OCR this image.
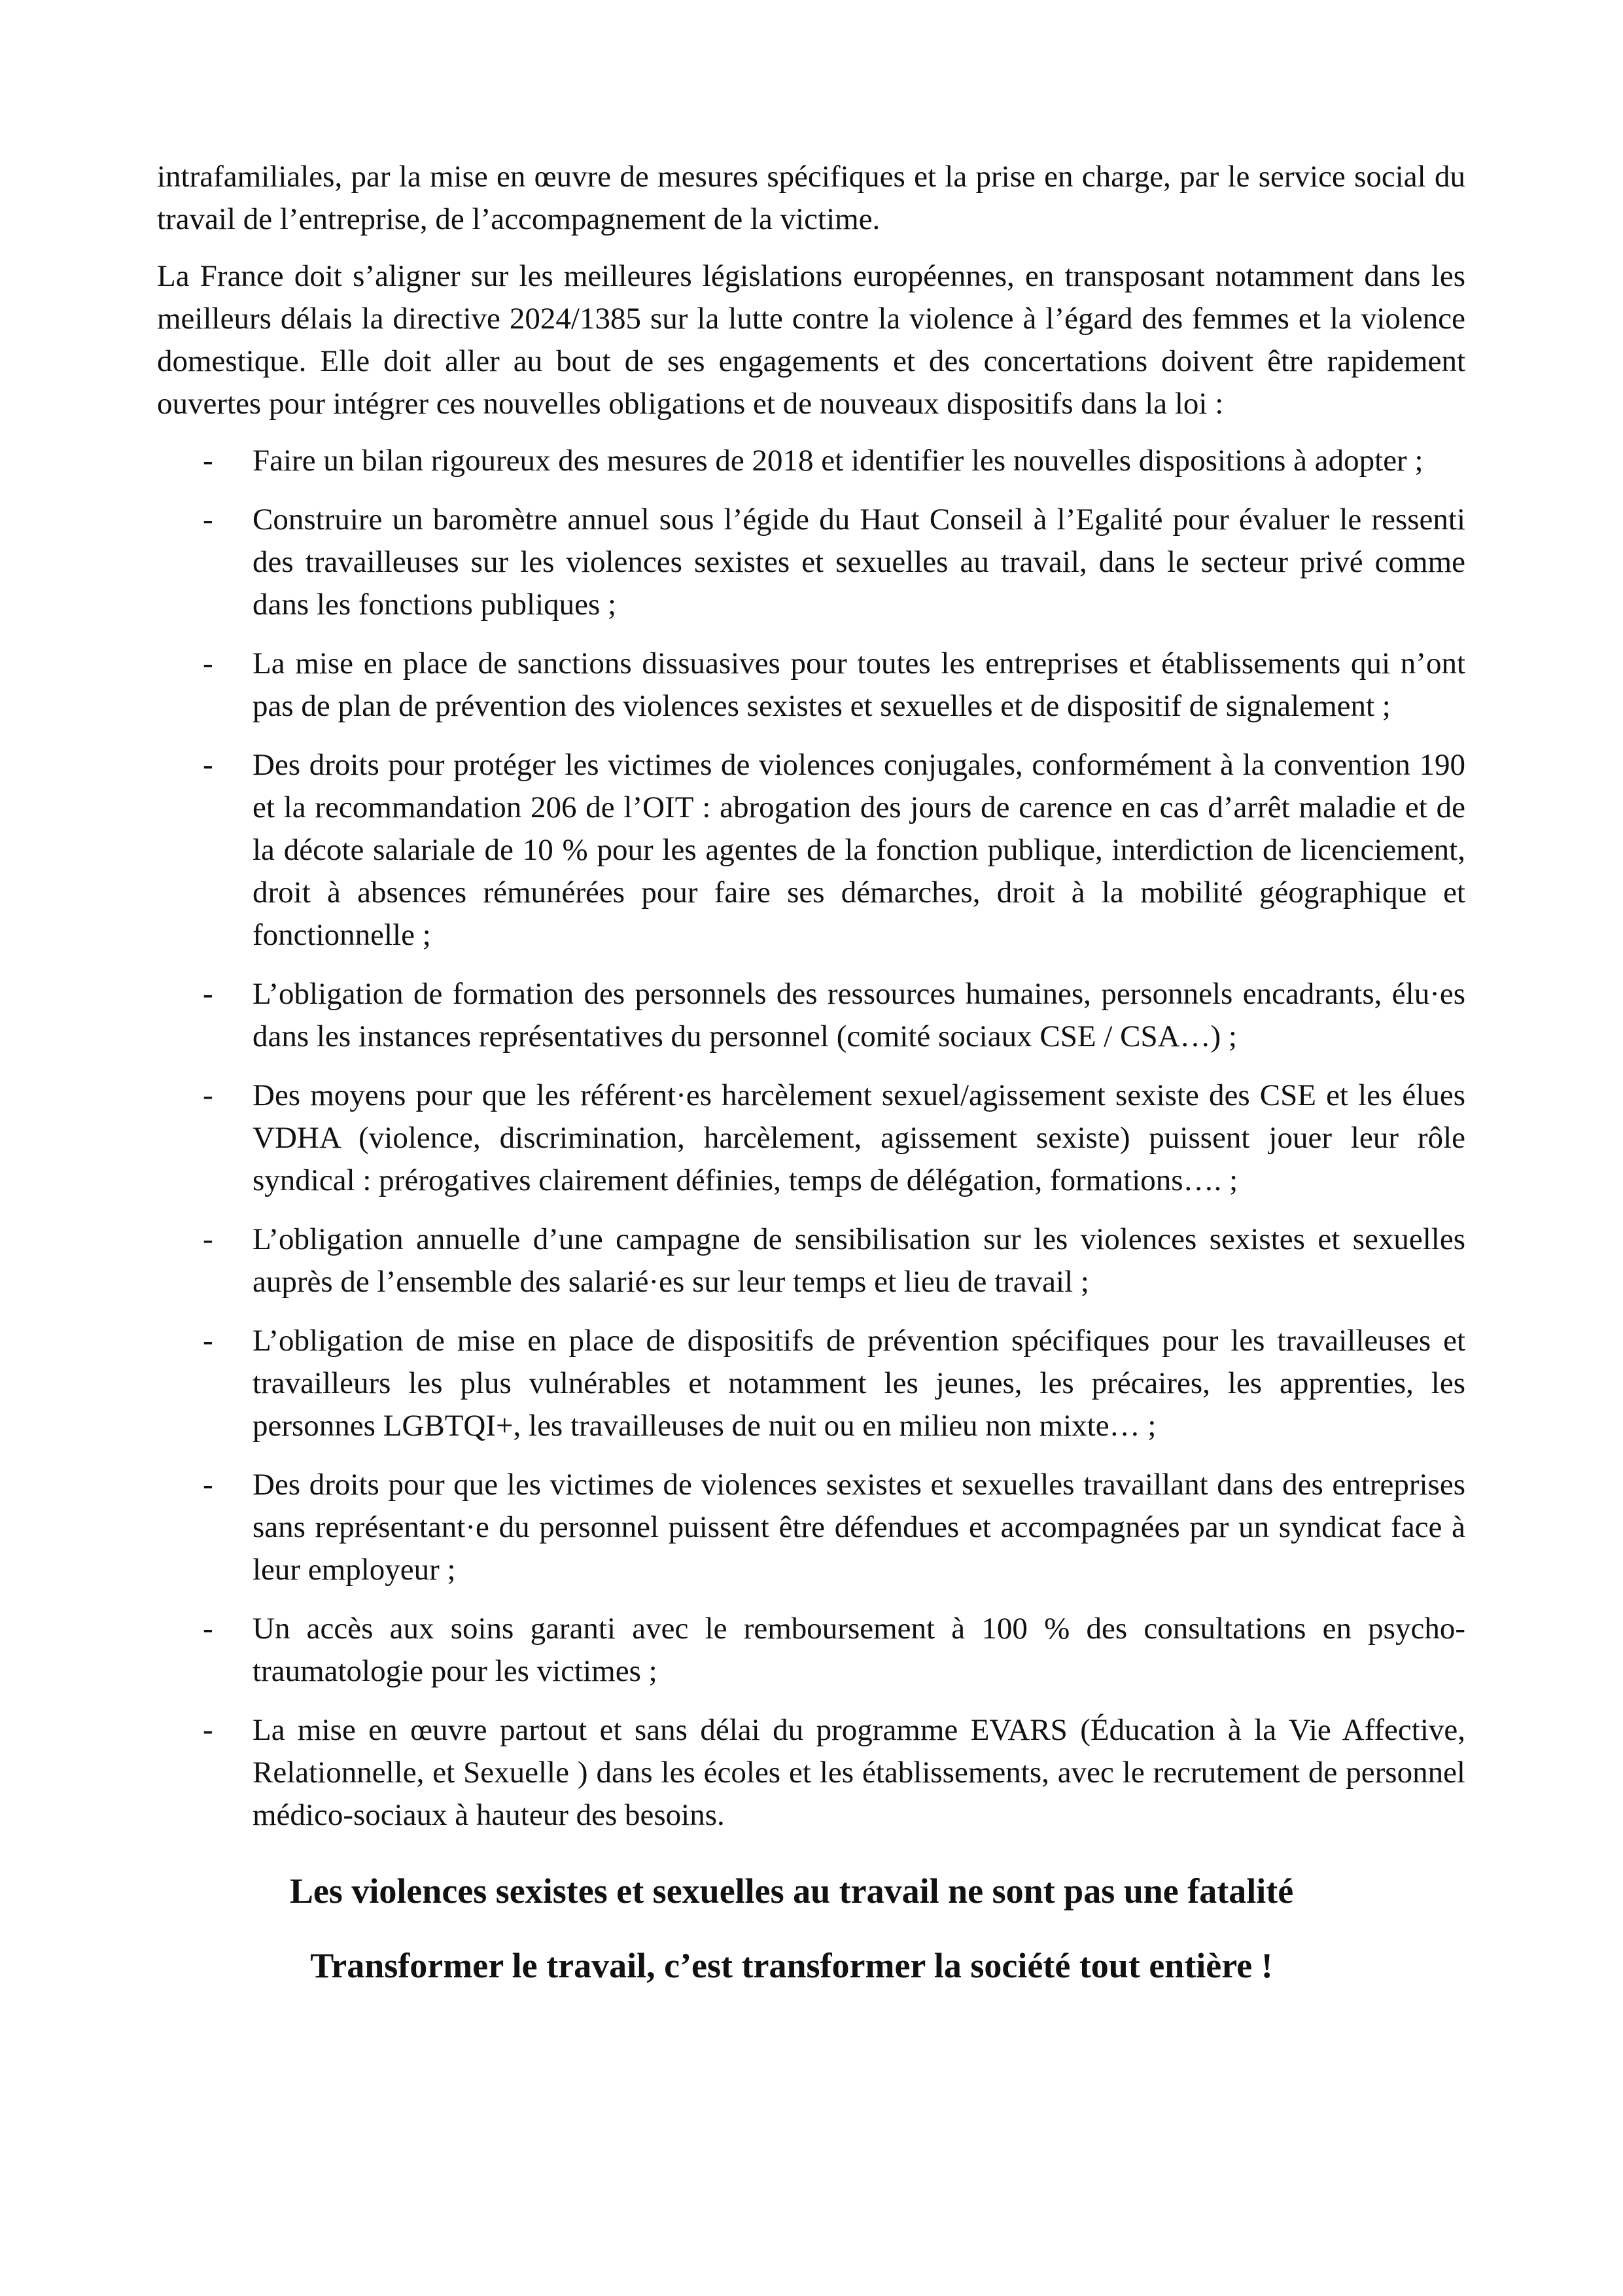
intrafamiliales, par la mise en œuvre de mesures spécifiques et la prise en charge, par le service social du travail de l’entreprise, de l’accompagnement de la victime.

La France doit s’aligner sur les meilleures législations européennes, en transposant notamment dans les meilleurs délais la directive 2024/1385 sur la lutte contre la violence à l’égard des femmes et la violence domestique. Elle doit aller au bout de ses engagements et des concertations doivent être rapidement ouvertes pour intégrer ces nouvelles obligations et de nouveaux dispositifs dans la loi :

-	Faire un bilan rigoureux des mesures de 2018 et identifier les nouvelles dispositions à adopter ;
-	Construire un baromètre annuel sous l’égide du Haut Conseil à l’Egalité pour évaluer le ressenti des travailleuses sur les violences sexistes et sexuelles au travail, dans le secteur privé comme dans les fonctions publiques ;
-	La mise en place de sanctions dissuasives pour toutes les entreprises et établissements qui n’ont pas de plan de prévention des violences sexistes et sexuelles et de dispositif de signalement ;
-	Des droits pour protéger les victimes de violences conjugales, conformément à la convention 190 et la recommandation 206 de l’OIT : abrogation des jours de carence en cas d’arrêt maladie et de la décote salariale de 10 % pour les agentes de la fonction publique, interdiction de licenciement, droit à absences rémunérées pour faire ses démarches, droit à la mobilité géographique et fonctionnelle ;
-	L’obligation de formation des personnels des ressources humaines, personnels encadrants, élu·es dans les instances représentatives du personnel (comité sociaux CSE / CSA…) ;
-	Des moyens pour que les référent·es harcèlement sexuel/agissement sexiste des CSE et les élues VDHA (violence, discrimination, harcèlement, agissement sexiste) puissent jouer leur rôle syndical : prérogatives clairement définies, temps de délégation, formations…. ;
-	L’obligation annuelle d’une campagne de sensibilisation sur les violences sexistes et sexuelles auprès de l’ensemble des salarié·es sur leur temps et lieu de travail ;
-	L’obligation de mise en place de dispositifs de prévention spécifiques pour les travailleuses et travailleurs les plus vulnérables et notamment les jeunes, les précaires, les apprenties, les personnes LGBTQI+, les travailleuses de nuit ou en milieu non mixte… ;
-	Des droits pour que les victimes de violences sexistes et sexuelles travaillant dans des entreprises sans représentant·e du personnel puissent être défendues et accompagnées par un syndicat face à leur employeur ;
-	Un accès aux soins garanti avec le remboursement à 100 % des consultations en psycho-traumatologie pour les victimes ;
-	La mise en œuvre partout et sans délai du programme EVARS (Éducation à la Vie Affective, Relationnelle, et Sexuelle ) dans les écoles et les établissements, avec le recrutement de personnel médico-sociaux à hauteur des besoins.

Les violences sexistes et sexuelles au travail ne sont pas une fatalité

Transformer le travail, c’est transformer la société tout entière !
